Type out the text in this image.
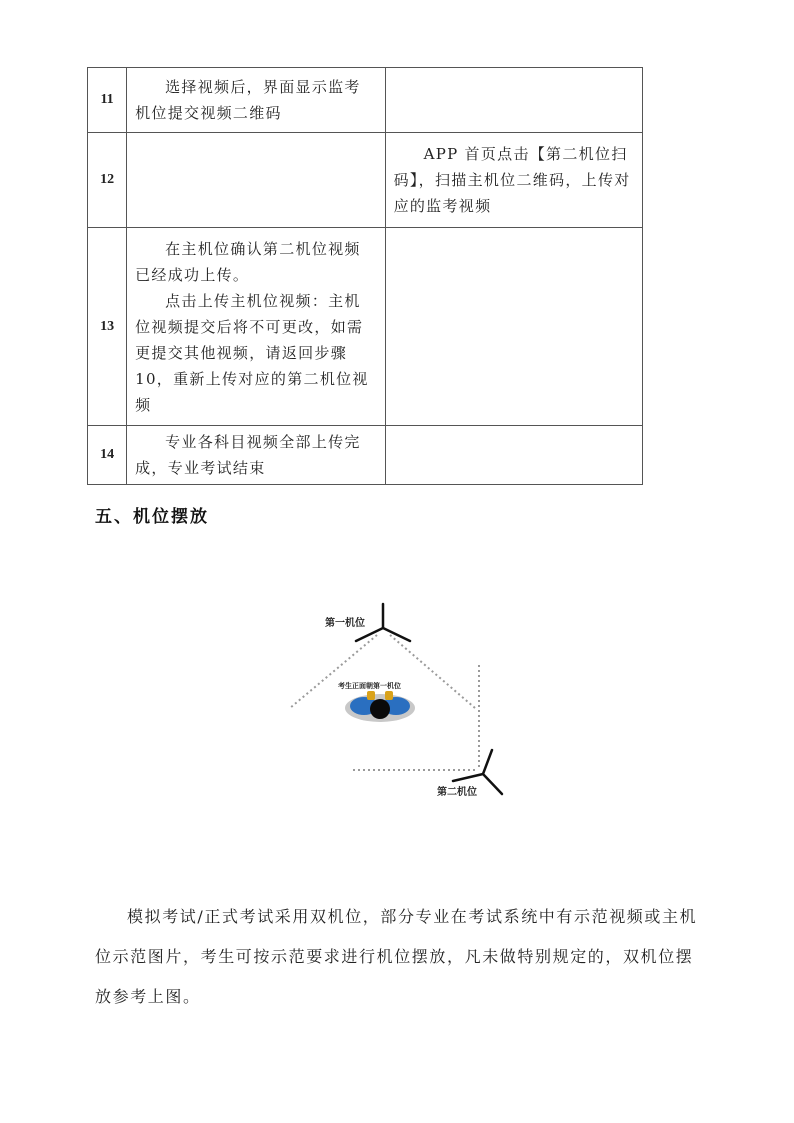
11	选择视频后，界面显示监考机位提交视频二维码	

12		APP 首页点击【第二机位扫码】，扫描主机位二维码，上传对应的监考视频

13	在主机位确认第二机位视频已经成功上传。

点击上传主机位视频：主机位视频提交后将不可更改，如需更提交其他视频，请返回步骤 10，重新上传对应的第二机位视频	

14	专业各科目视频全部上传完成，专业考试结束	

五、机位摆放
第一机位
考生正面朝第一机位
第二机位

模拟考试/正式考试采用双机位，部分专业在考试系统中有示范视频或主机位示范图片，考生可按示范要求进行机位摆放，凡未做特别规定的，双机位摆放参考上图。
